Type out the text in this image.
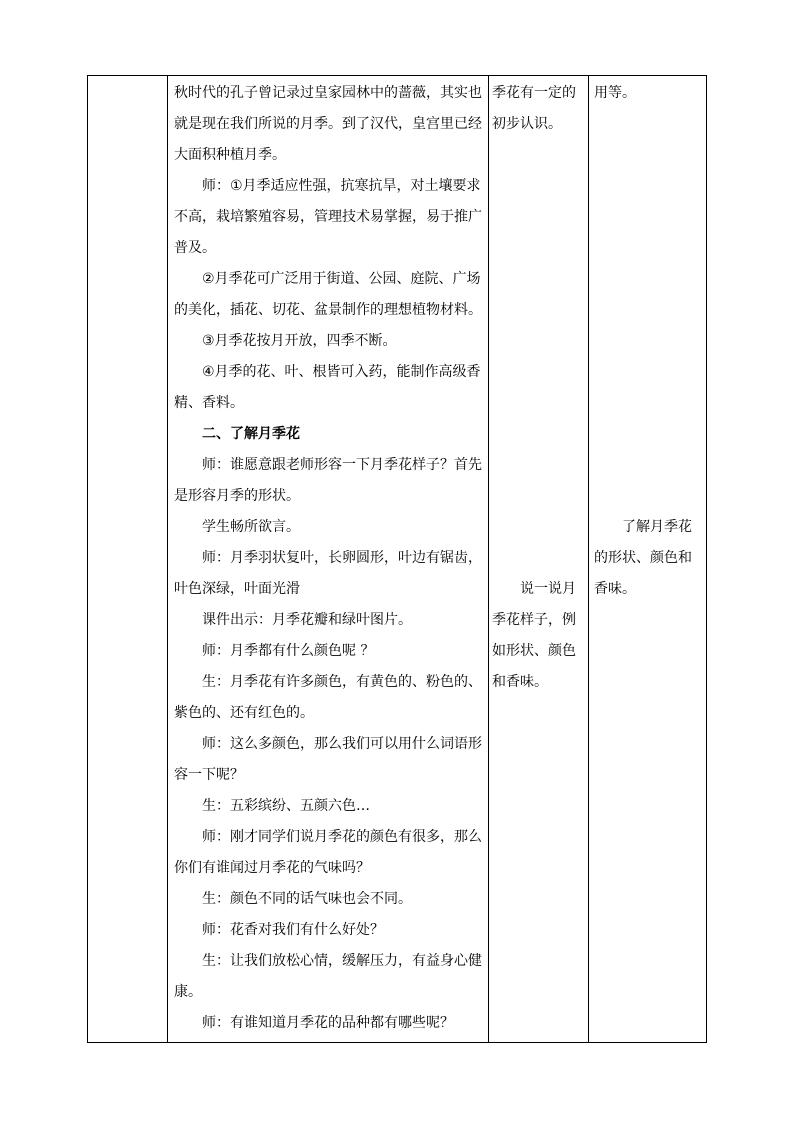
秋时代的孔子曾记录过皇家园林中的蔷薇，其实也就是现在我们所说的月季。到了汉代，皇宫里已经大面积种植月季。

师：①月季适应性强，抗寒抗旱，对土壤要求不高，栽培繁殖容易，管理技术易掌握，易于推广普及。

②月季花可广泛用于街道、公园、庭院、广场的美化，插花、切花、盆景制作的理想植物材料。

③月季花按月开放，四季不断。

④月季的花、叶、根皆可入药，能制作高级香精、香料。

二、了解月季花

师：谁愿意跟老师形容一下月季花样子？首先是形容月季的形状。

学生畅所欲言。

师：月季羽状复叶，长卵圆形，叶边有锯齿，叶色深绿，叶面光滑

课件出示：月季花瓣和绿叶图片。

师：月季都有什么颜色呢 ？

生：月季花有许多颜色，有黄色的、粉色的、紫色的、还有红色的。

师：这么多颜色，那么我们可以用什么词语形容一下呢？

生：五彩缤纷、五颜六色…

师：刚才同学们说月季花的颜色有很多，那么你们有谁闻过月季花的气味吗？

生：颜色不同的话气味也会不同。

师：花香对我们有什么好处？

生：让我们放松心情，缓解压力，有益身心健康。

师：有谁知道月季花的品种都有哪些呢？

季花有一定的

初步认识。

说一说月

季花样子，例

如形状、颜色

和香味。

用等。

了解月季花

的形状、颜色和

香味。
